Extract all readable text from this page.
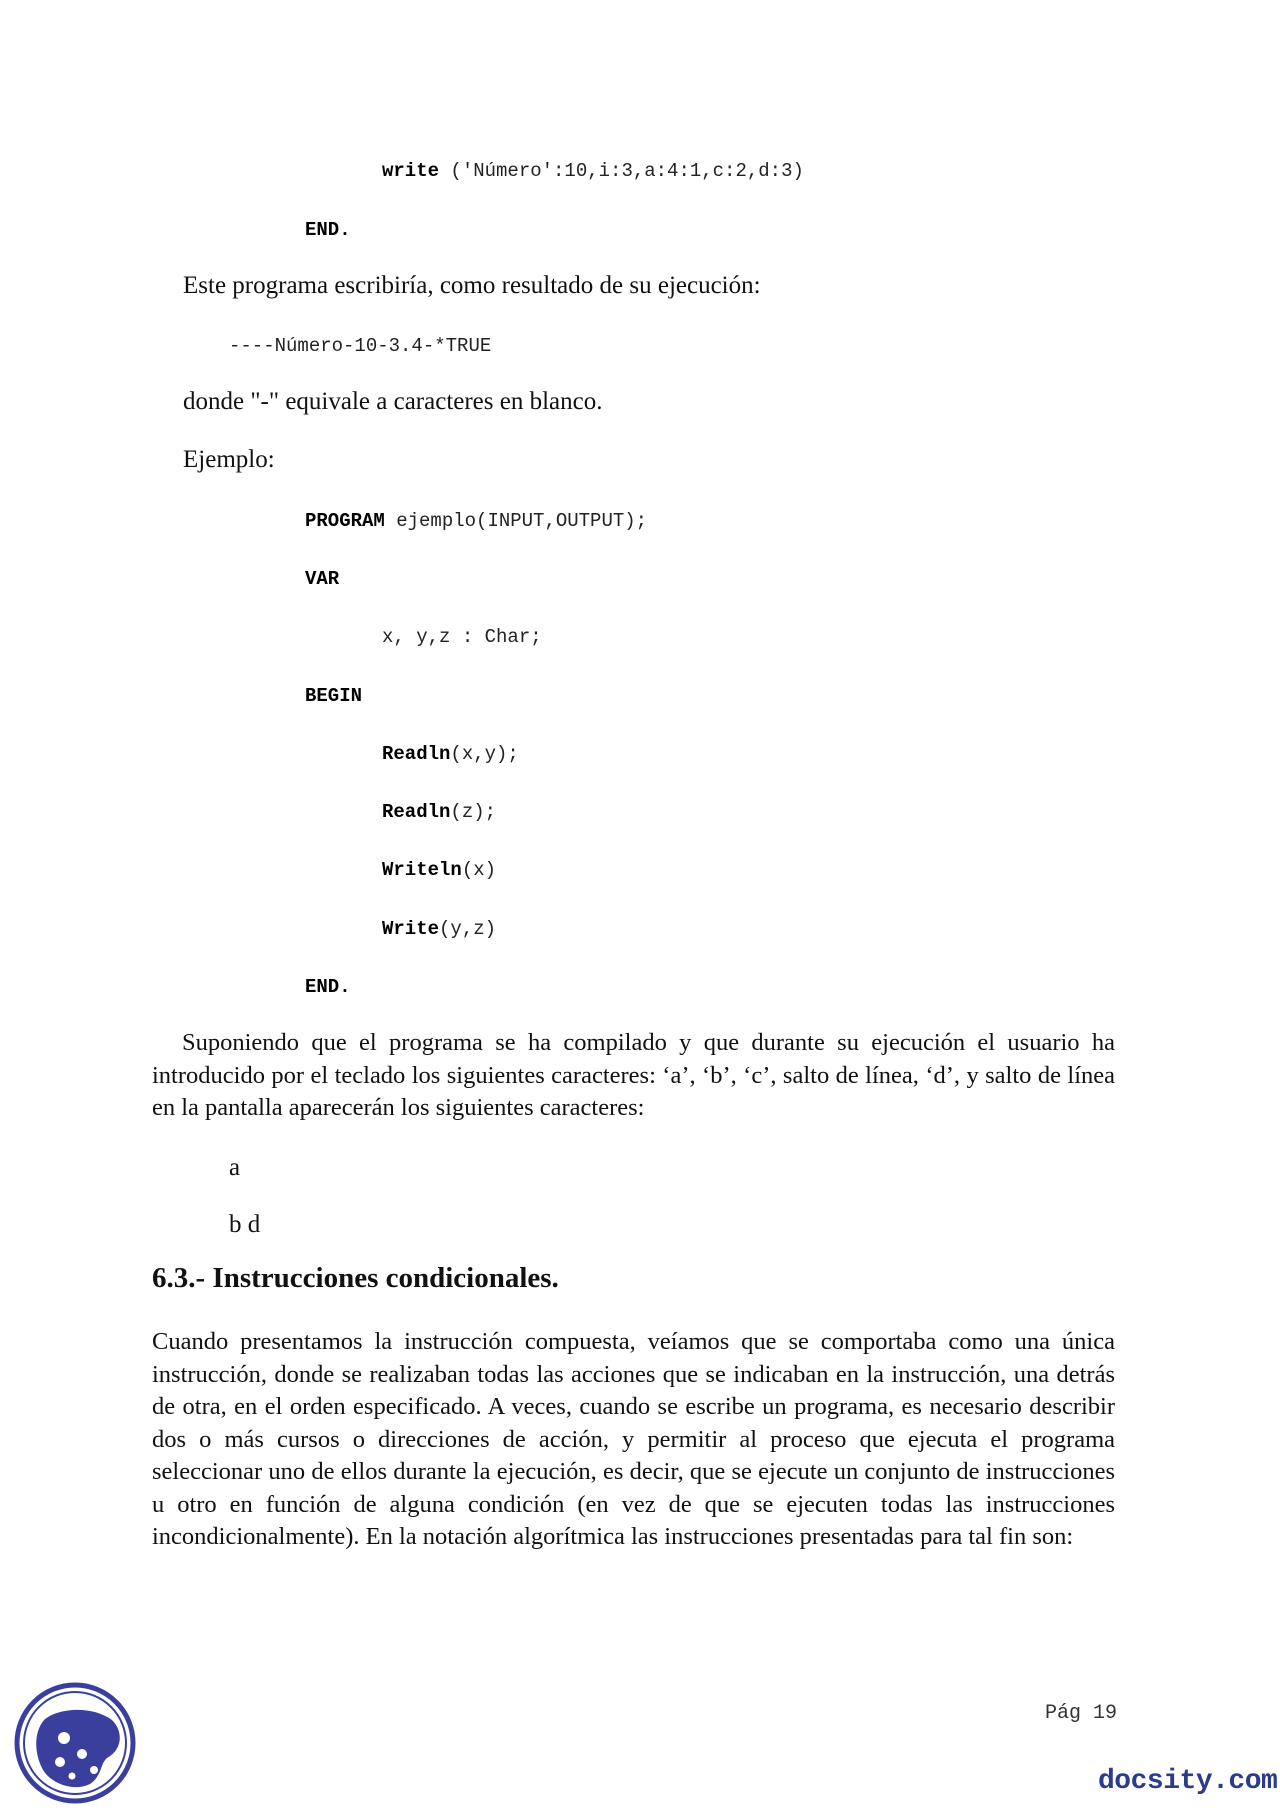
write ('Número':10,i:3,a:4:1,c:2,d:3)
END.
Este programa escribiría, como resultado de su ejecución:
----Número-10-3.4-*TRUE
donde "-" equivale a caracteres en blanco.
Ejemplo:
PROGRAM ejemplo(INPUT,OUTPUT);
VAR
x, y,z : Char;
BEGIN
Readln(x,y);
Readln(z);
Writeln(x)
Write(y,z)
END.
Suponiendo que el programa se ha compilado y que durante su ejecución el usuario ha introducido por el teclado los siguientes caracteres: ‘a’, ‘b’, ‘c’, salto de línea, ‘d’, y salto de línea en la pantalla aparecerán los siguientes caracteres:
a
b d
6.3.- Instrucciones condicionales.
Cuando presentamos la instrucción compuesta, veíamos que se comportaba como una única instrucción, donde se realizaban todas las acciones que se indicaban en la instrucción, una detrás de otra, en el orden especificado. A veces, cuando se escribe un programa, es necesario describir dos o más cursos o direcciones de acción, y permitir al proceso que ejecuta el programa seleccionar uno de ellos durante la ejecución, es decir, que se ejecute un conjunto de instrucciones u otro en función de alguna condición (en vez de que se ejecuten todas las instrucciones incondicionalmente). En la notación algorítmica las instrucciones presentadas para tal fin son:
Pág 19
docsity.com
